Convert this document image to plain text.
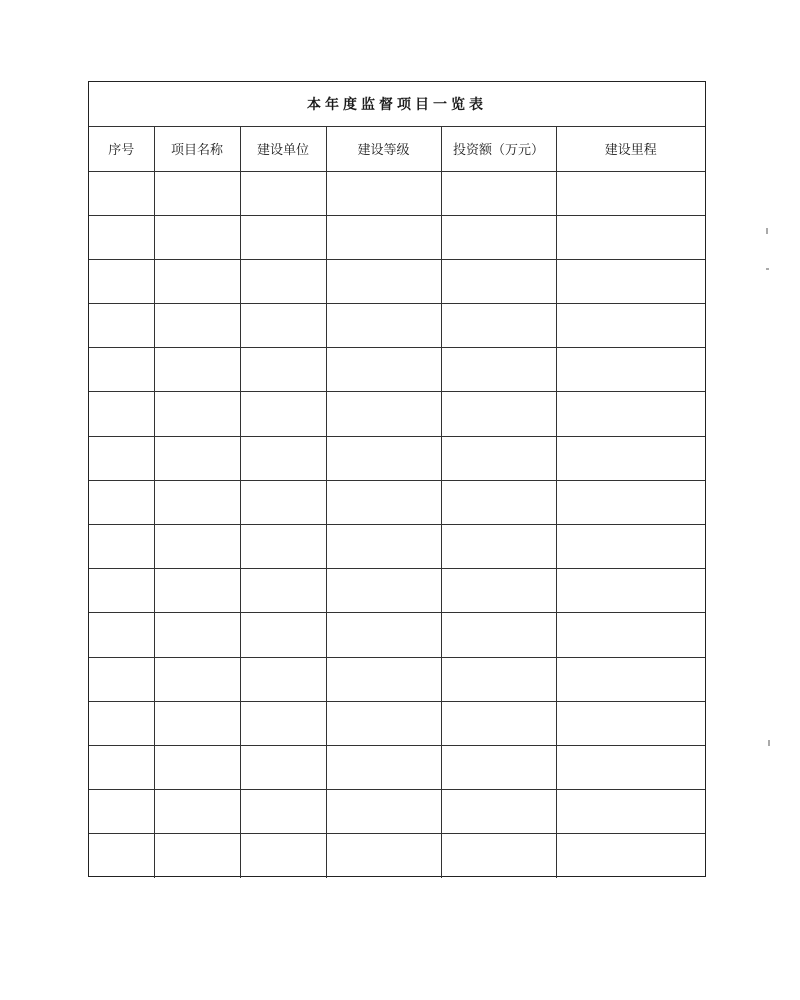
本年度监督项目一览表
序号	项目名称	建设单位	建设等级	投资额（万元）	建设里程
